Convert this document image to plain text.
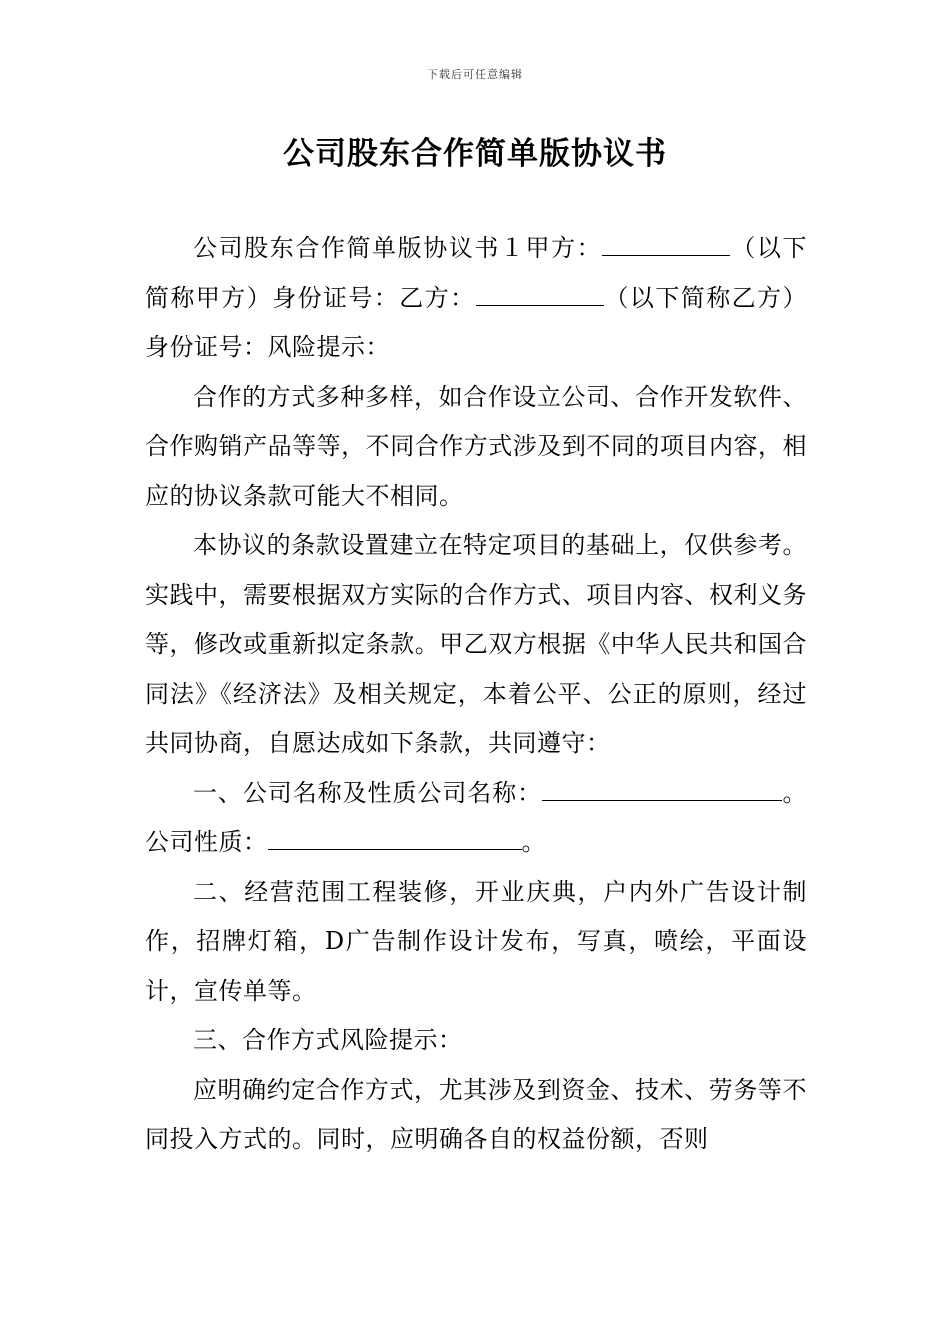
下载后可任意编辑
公司股东合作简单版协议书

公司股东合作简单版协议书１甲方：	（以下简称甲方）身份证号：乙方：	（以下简称乙方）身份证号：风险提示：

合作的方式多种多样，如合作设立公司、合作开发软件、合作购销产品等等，不同合作方式涉及到不同的项目内容，相应的协议条款可能大不相同。

本协议的条款设置建立在特定项目的基础上，仅供参考。实践中，需要根据双方实际的合作方式、项目内容、权利义务等，修改或重新拟定条款。甲乙双方根据《中华人民共和国合同法》《经济法》及相关规定，本着公平、公正的原则，经过共同协商，自愿达成如下条款，共同遵守：

一、公司名称及性质公司名称：	。公司性质：	。

二、经营范围工程装修，开业庆典，户内外广告设计制作，招牌灯箱，D广告制作设计发布，写真，喷绘，平面设计，宣传单等。

三、合作方式风险提示：

应明确约定合作方式，尤其涉及到资金、技术、劳务等不同投入方式的。同时，应明确各自的权益份额，否则
